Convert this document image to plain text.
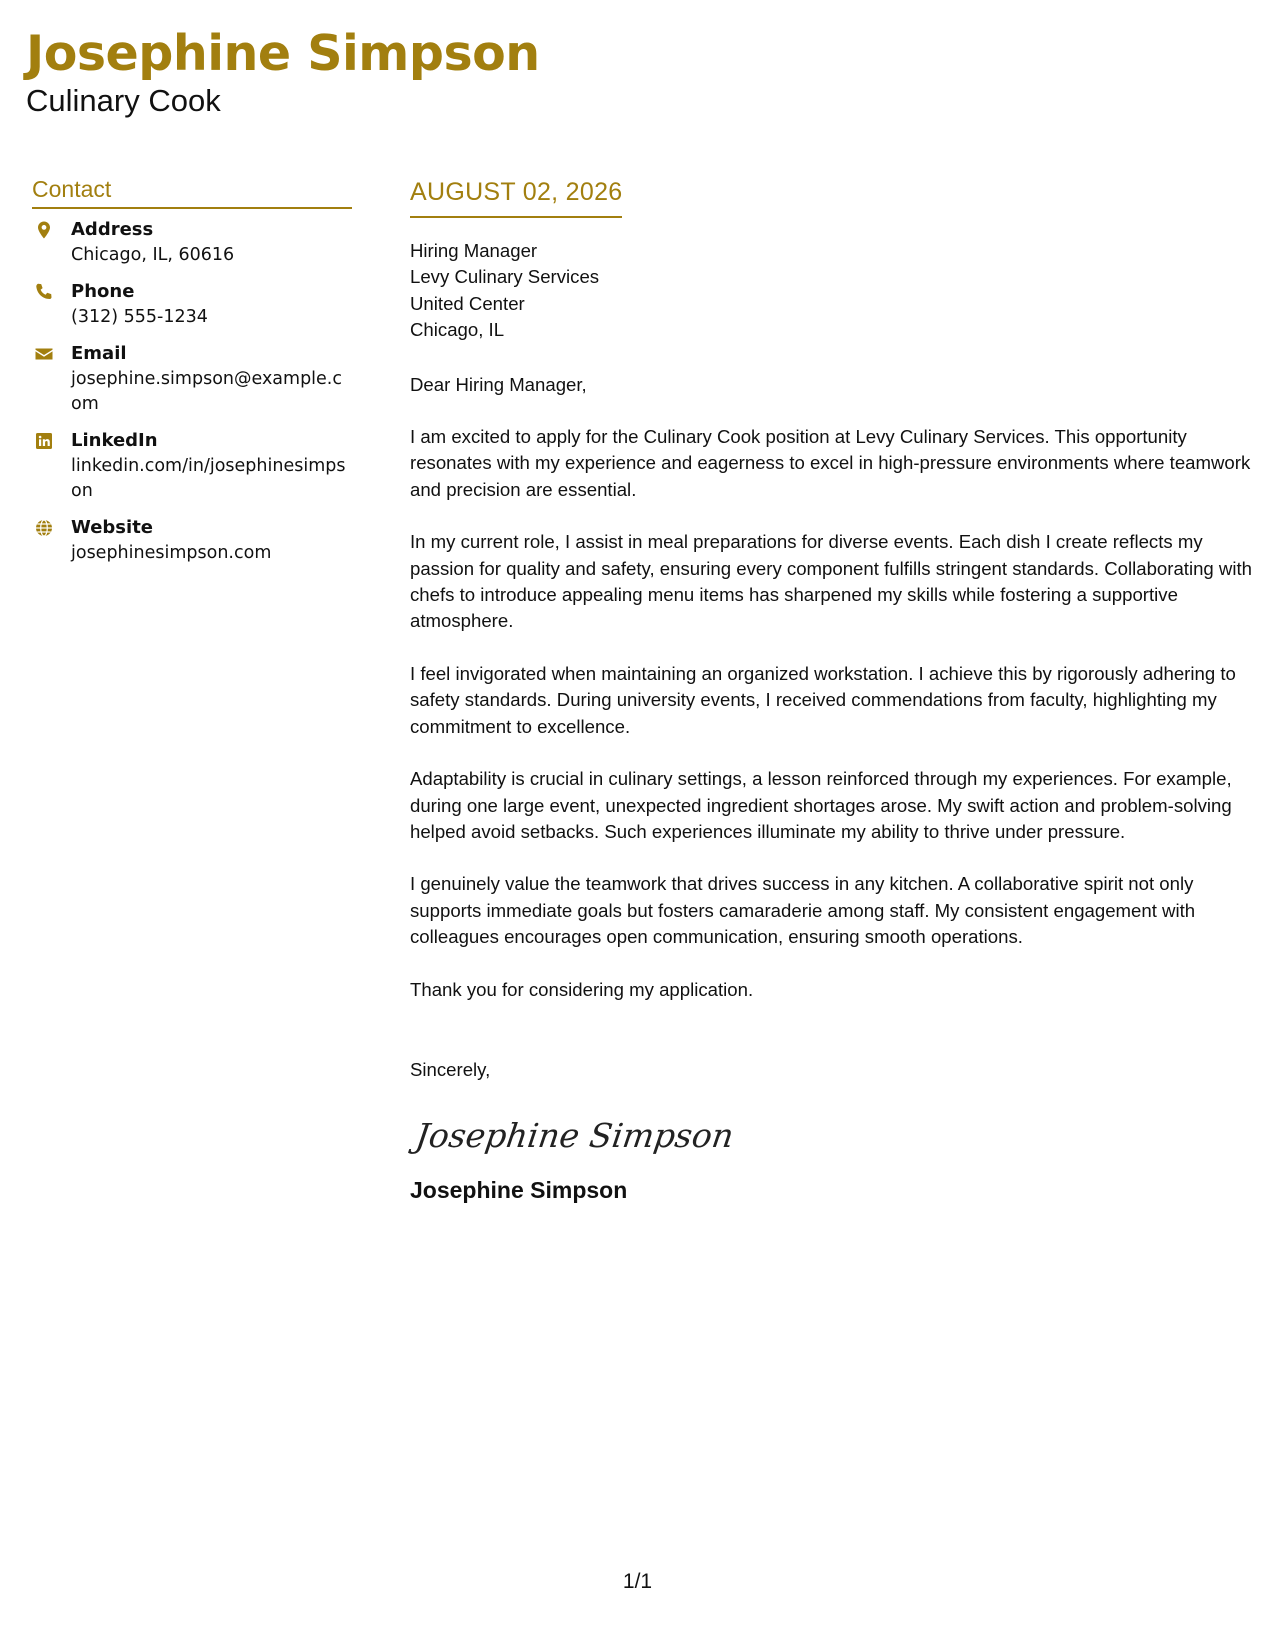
Josephine Simpson
Culinary Cook
Contact
Address
Chicago, IL, 60616
Phone
(312) 555-1234
Email
josephine.simpson@example.com
LinkedIn
linkedin.com/in/josephinesimpson
Website
josephinesimpson.com
AUGUST 02, 2026
Hiring Manager
Levy Culinary Services
United Center
Chicago, IL
Dear Hiring Manager,

I am excited to apply for the Culinary Cook position at Levy Culinary Services. This opportunity resonates with my experience and eagerness to excel in high-pressure environments where teamwork and precision are essential.

In my current role, I assist in meal preparations for diverse events. Each dish I create reflects my passion for quality and safety, ensuring every component fulfills stringent standards. Collaborating with chefs to introduce appealing menu items has sharpened my skills while fostering a supportive atmosphere.

I feel invigorated when maintaining an organized workstation. I achieve this by rigorously adhering to safety standards. During university events, I received commendations from faculty, highlighting my commitment to excellence.

Adaptability is crucial in culinary settings, a lesson reinforced through my experiences. For example, during one large event, unexpected ingredient shortages arose. My swift action and problem-solving helped avoid setbacks. Such experiences illuminate my ability to thrive under pressure.

I genuinely value the teamwork that drives success in any kitchen. A collaborative spirit not only supports immediate goals but fosters camaraderie among staff. My consistent engagement with colleagues encourages open communication, ensuring smooth operations.

Thank you for considering my application.

Sincerely,
Josephine Simpson
Josephine Simpson
1/1
